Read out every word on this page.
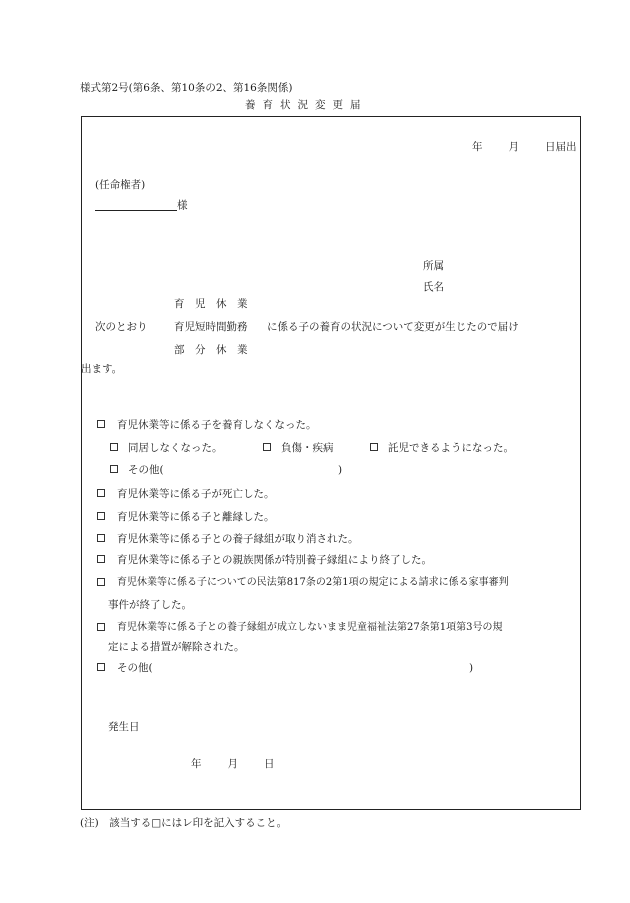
様式第2号(第6条、第10条の2、第16条関係)
養育状況変更届
年 月 日届出
(任命権者)
様
所属
氏名
育　児　休　業
次のとおり	育児短時間勤務 に係る子の養育の状況について変更が生じたので届け
部　分　休　業
出ます。
育児休業等に係る子を養育しなくなった。
同居しなくなった。	負傷・疾病	託児できるようになった。
その他(	)
育児休業等に係る子が死亡した。
育児休業等に係る子と離縁した。
育児休業等に係る子との養子縁組が取り消された。
育児休業等に係る子との親族関係が特別養子縁組により終了した。
育児休業等に係る子についての民法第817条の2第1項の規定による請求に係る家事審判
事件が終了した。
育児休業等に係る子との養子縁組が成立しないまま児童福祉法第27条第1項第3号の規
定による措置が解除された。
その他(	)
発生日
年 月 日
(注)　該当する□にはレ印を記入すること。
